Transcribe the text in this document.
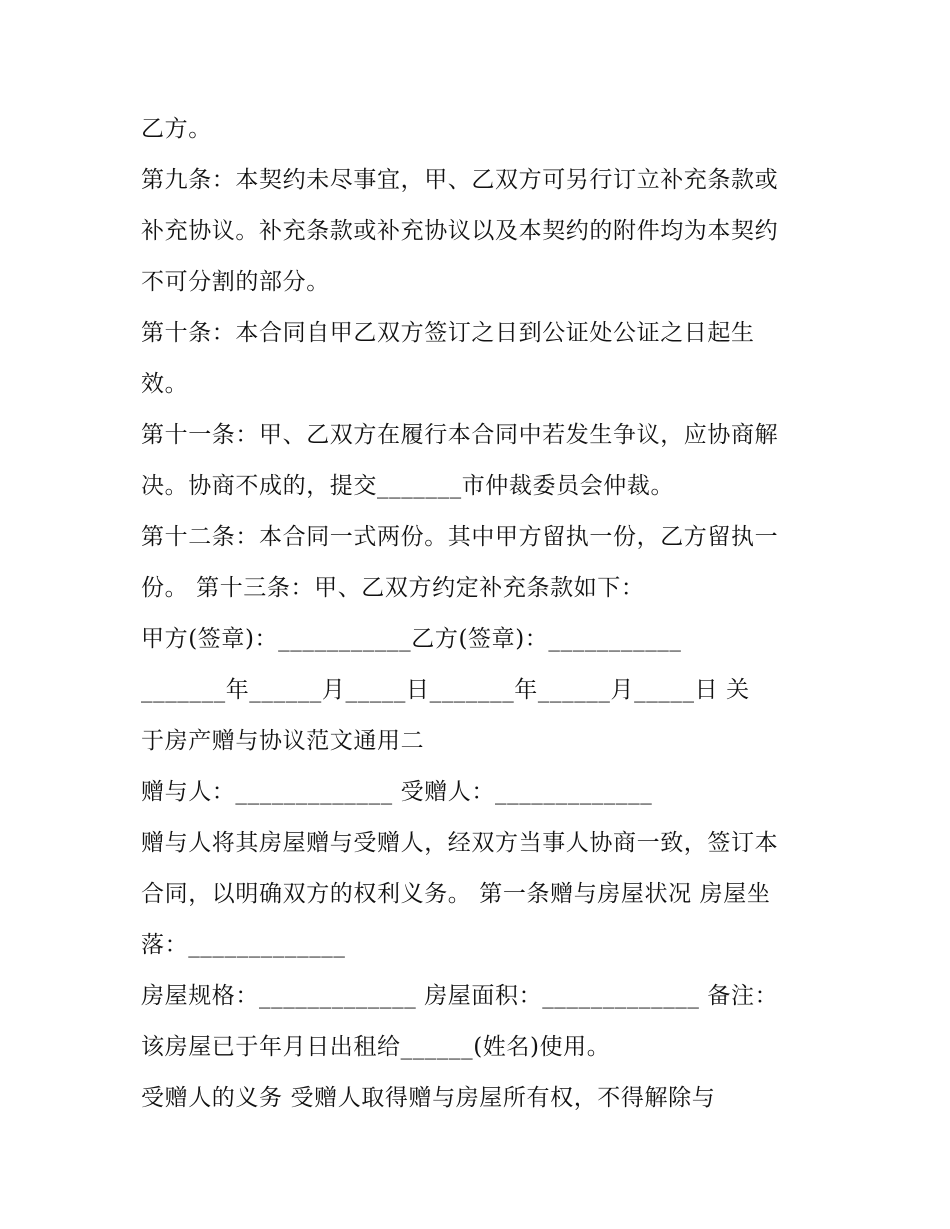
乙方。
第九条：本契约未尽事宜，甲、乙双方可另行订立补充条款或
补充协议。补充条款或补充协议以及本契约的附件均为本契约
不可分割的部分。
第十条：本合同自甲乙双方签订之日到公证处公证之日起生
效。
第十一条：甲、乙双方在履行本合同中若发生争议，应协商解
决。协商不成的，提交_______市仲裁委员会仲裁。
第十二条：本合同一式两份。其中甲方留执一份，乙方留执一
份。 第十三条：甲、乙双方约定补充条款如下：
甲方(签章)：___________乙方(签章)：___________
_______年______月_____日_______年______月_____日 关
于房产赠与协议范文通用二
赠与人：_____________ 受赠人：_____________
赠与人将其房屋赠与受赠人，经双方当事人协商一致，签订本
合同，以明确双方的权利义务。 第一条赠与房屋状况 房屋坐
落：_____________
房屋规格：_____________ 房屋面积：_____________ 备注：
该房屋已于年月日出租给______(姓名)使用。
受赠人的义务 受赠人取得赠与房屋所有权，不得解除与
